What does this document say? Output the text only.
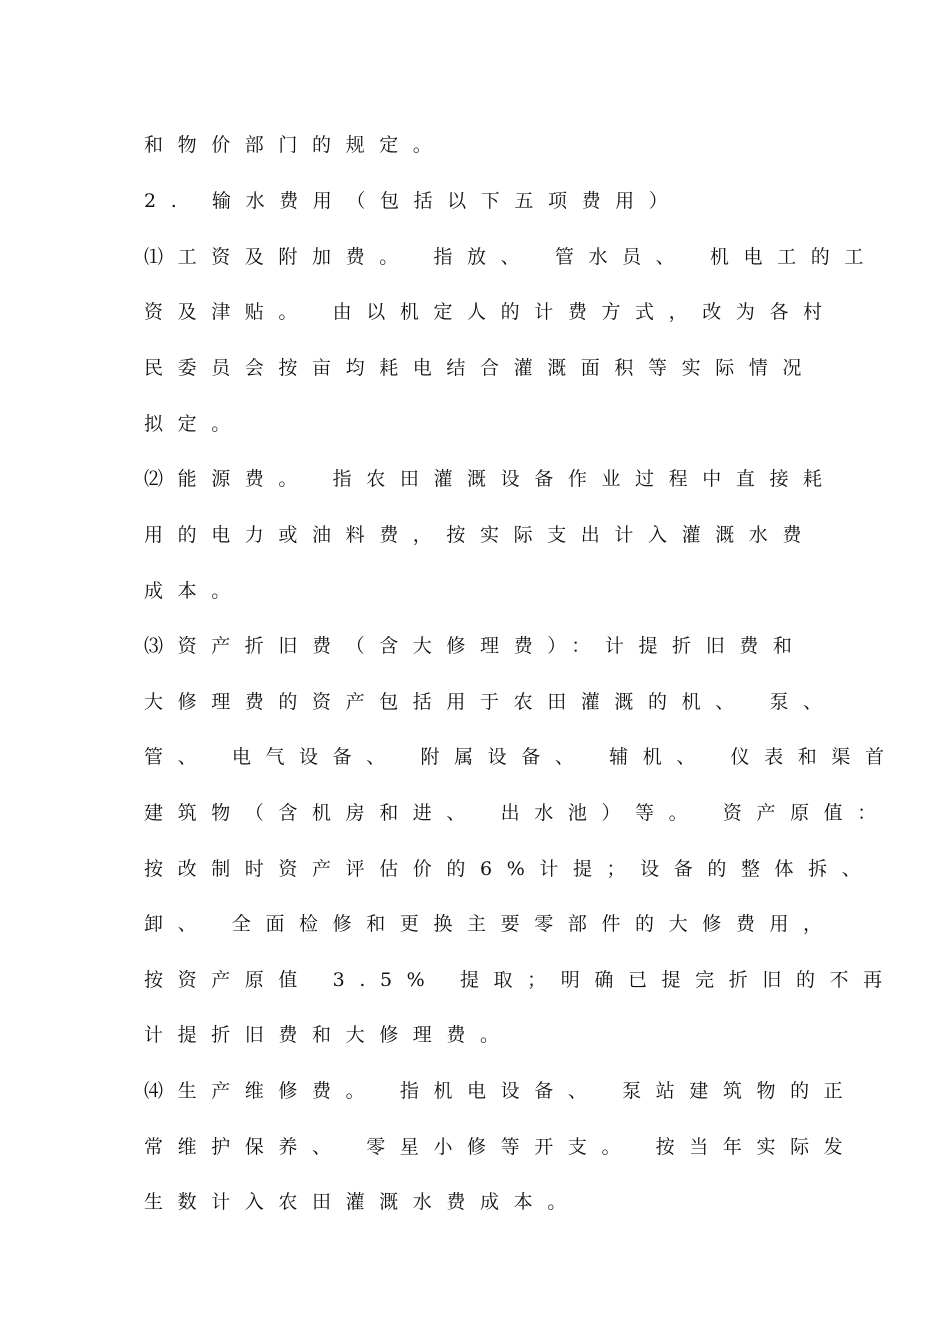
和物价部门的规定。
2. 输水费用（包括以下五项费用）
⑴工资及附加费。 指放、 管水员、 机电工的工
资及津贴。 由以机定人的计费方式，改为各村
民委员会按亩均耗电结合灌溉面积等实际情况
拟定。
⑵能源费。 指农田灌溉设备作业过程中直接耗
用的电力或油料费，按实际支出计入灌溉水费
成本。
⑶资产折旧费（含大修理费）：计提折旧费和
大修理费的资产包括用于农田灌溉的机、 泵、
管、 电气设备、 附属设备、 辅机、 仪表和渠首
建筑物（含机房和进、 出水池）等。 资产原值：
按改制时资产评估价的6%计提；设备的整体拆、
卸、 全面检修和更换主要零部件的大修费用，
按资产原值 3.5% 提取；明确已提完折旧的不再
计提折旧费和大修理费。
⑷生产维修费。 指机电设备、 泵站建筑物的正
常维护保养、 零星小修等开支。 按当年实际发
生数计入农田灌溉水费成本。
